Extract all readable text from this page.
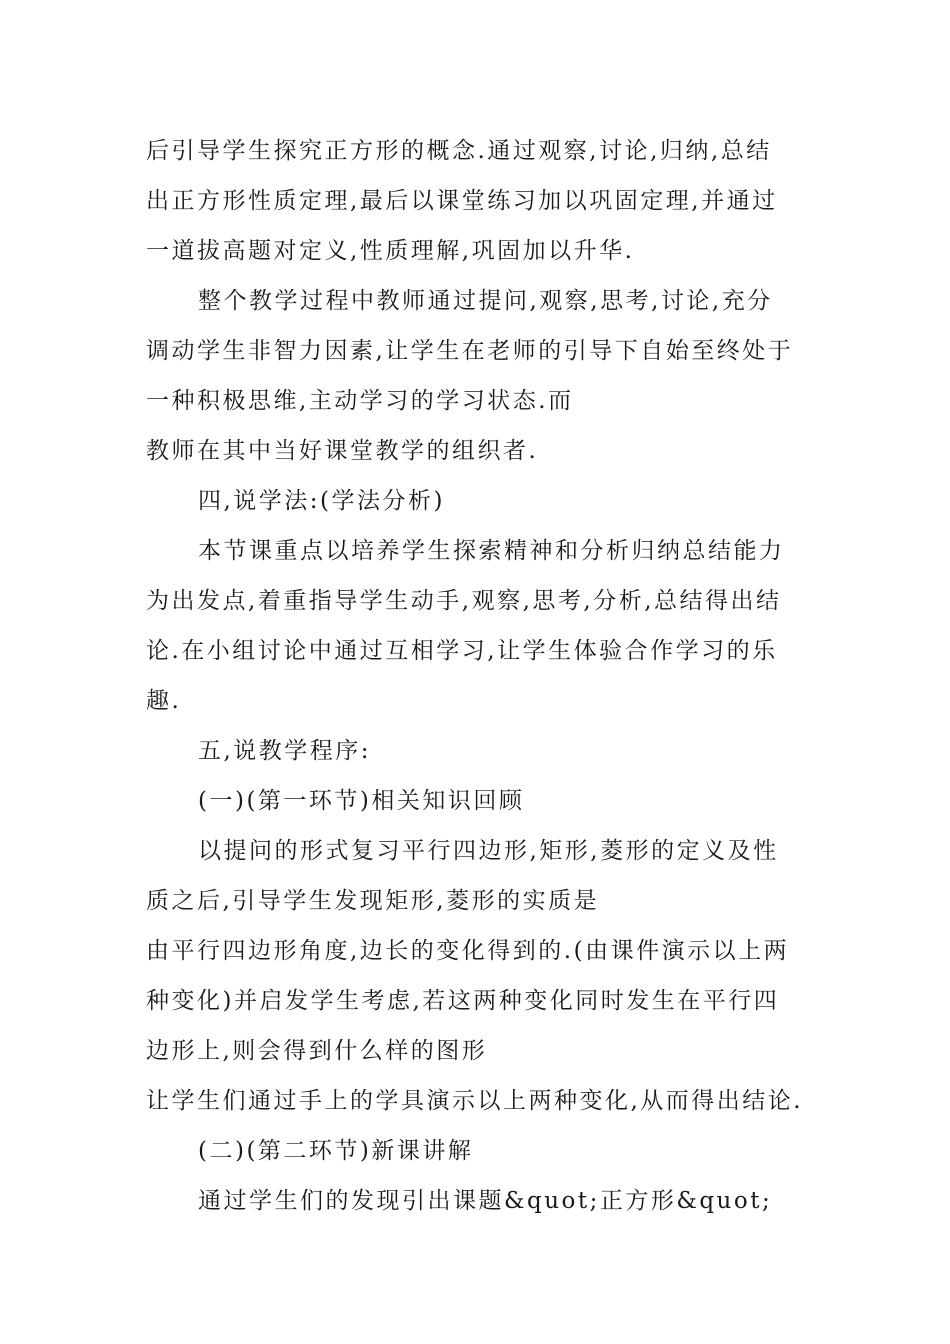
后引导学生探究正方形的概念.通过观察,讨论,归纳,总结
出正方形性质定理,最后以课堂练习加以巩固定理,并通过
一道拔高题对定义,性质理解,巩固加以升华.
整个教学过程中教师通过提问,观察,思考,讨论,充分
调动学生非智力因素,让学生在老师的引导下自始至终处于
一种积极思维,主动学习的学习状态.而
教师在其中当好课堂教学的组织者.
四,说学法:(学法分析)
本节课重点以培养学生探索精神和分析归纳总结能力
为出发点,着重指导学生动手,观察,思考,分析,总结得出结
论.在小组讨论中通过互相学习,让学生体验合作学习的乐
趣.
五,说教学程序:
(一)(第一环节)相关知识回顾
以提问的形式复习平行四边形,矩形,菱形的定义及性
质之后,引导学生发现矩形,菱形的实质是
由平行四边形角度,边长的变化得到的.(由课件演示以上两
种变化)并启发学生考虑,若这两种变化同时发生在平行四
边形上,则会得到什么样的图形
让学生们通过手上的学具演示以上两种变化,从而得出结论.
(二)(第二环节)新课讲解
通过学生们的发现引出课题&quot;正方形&quot;
